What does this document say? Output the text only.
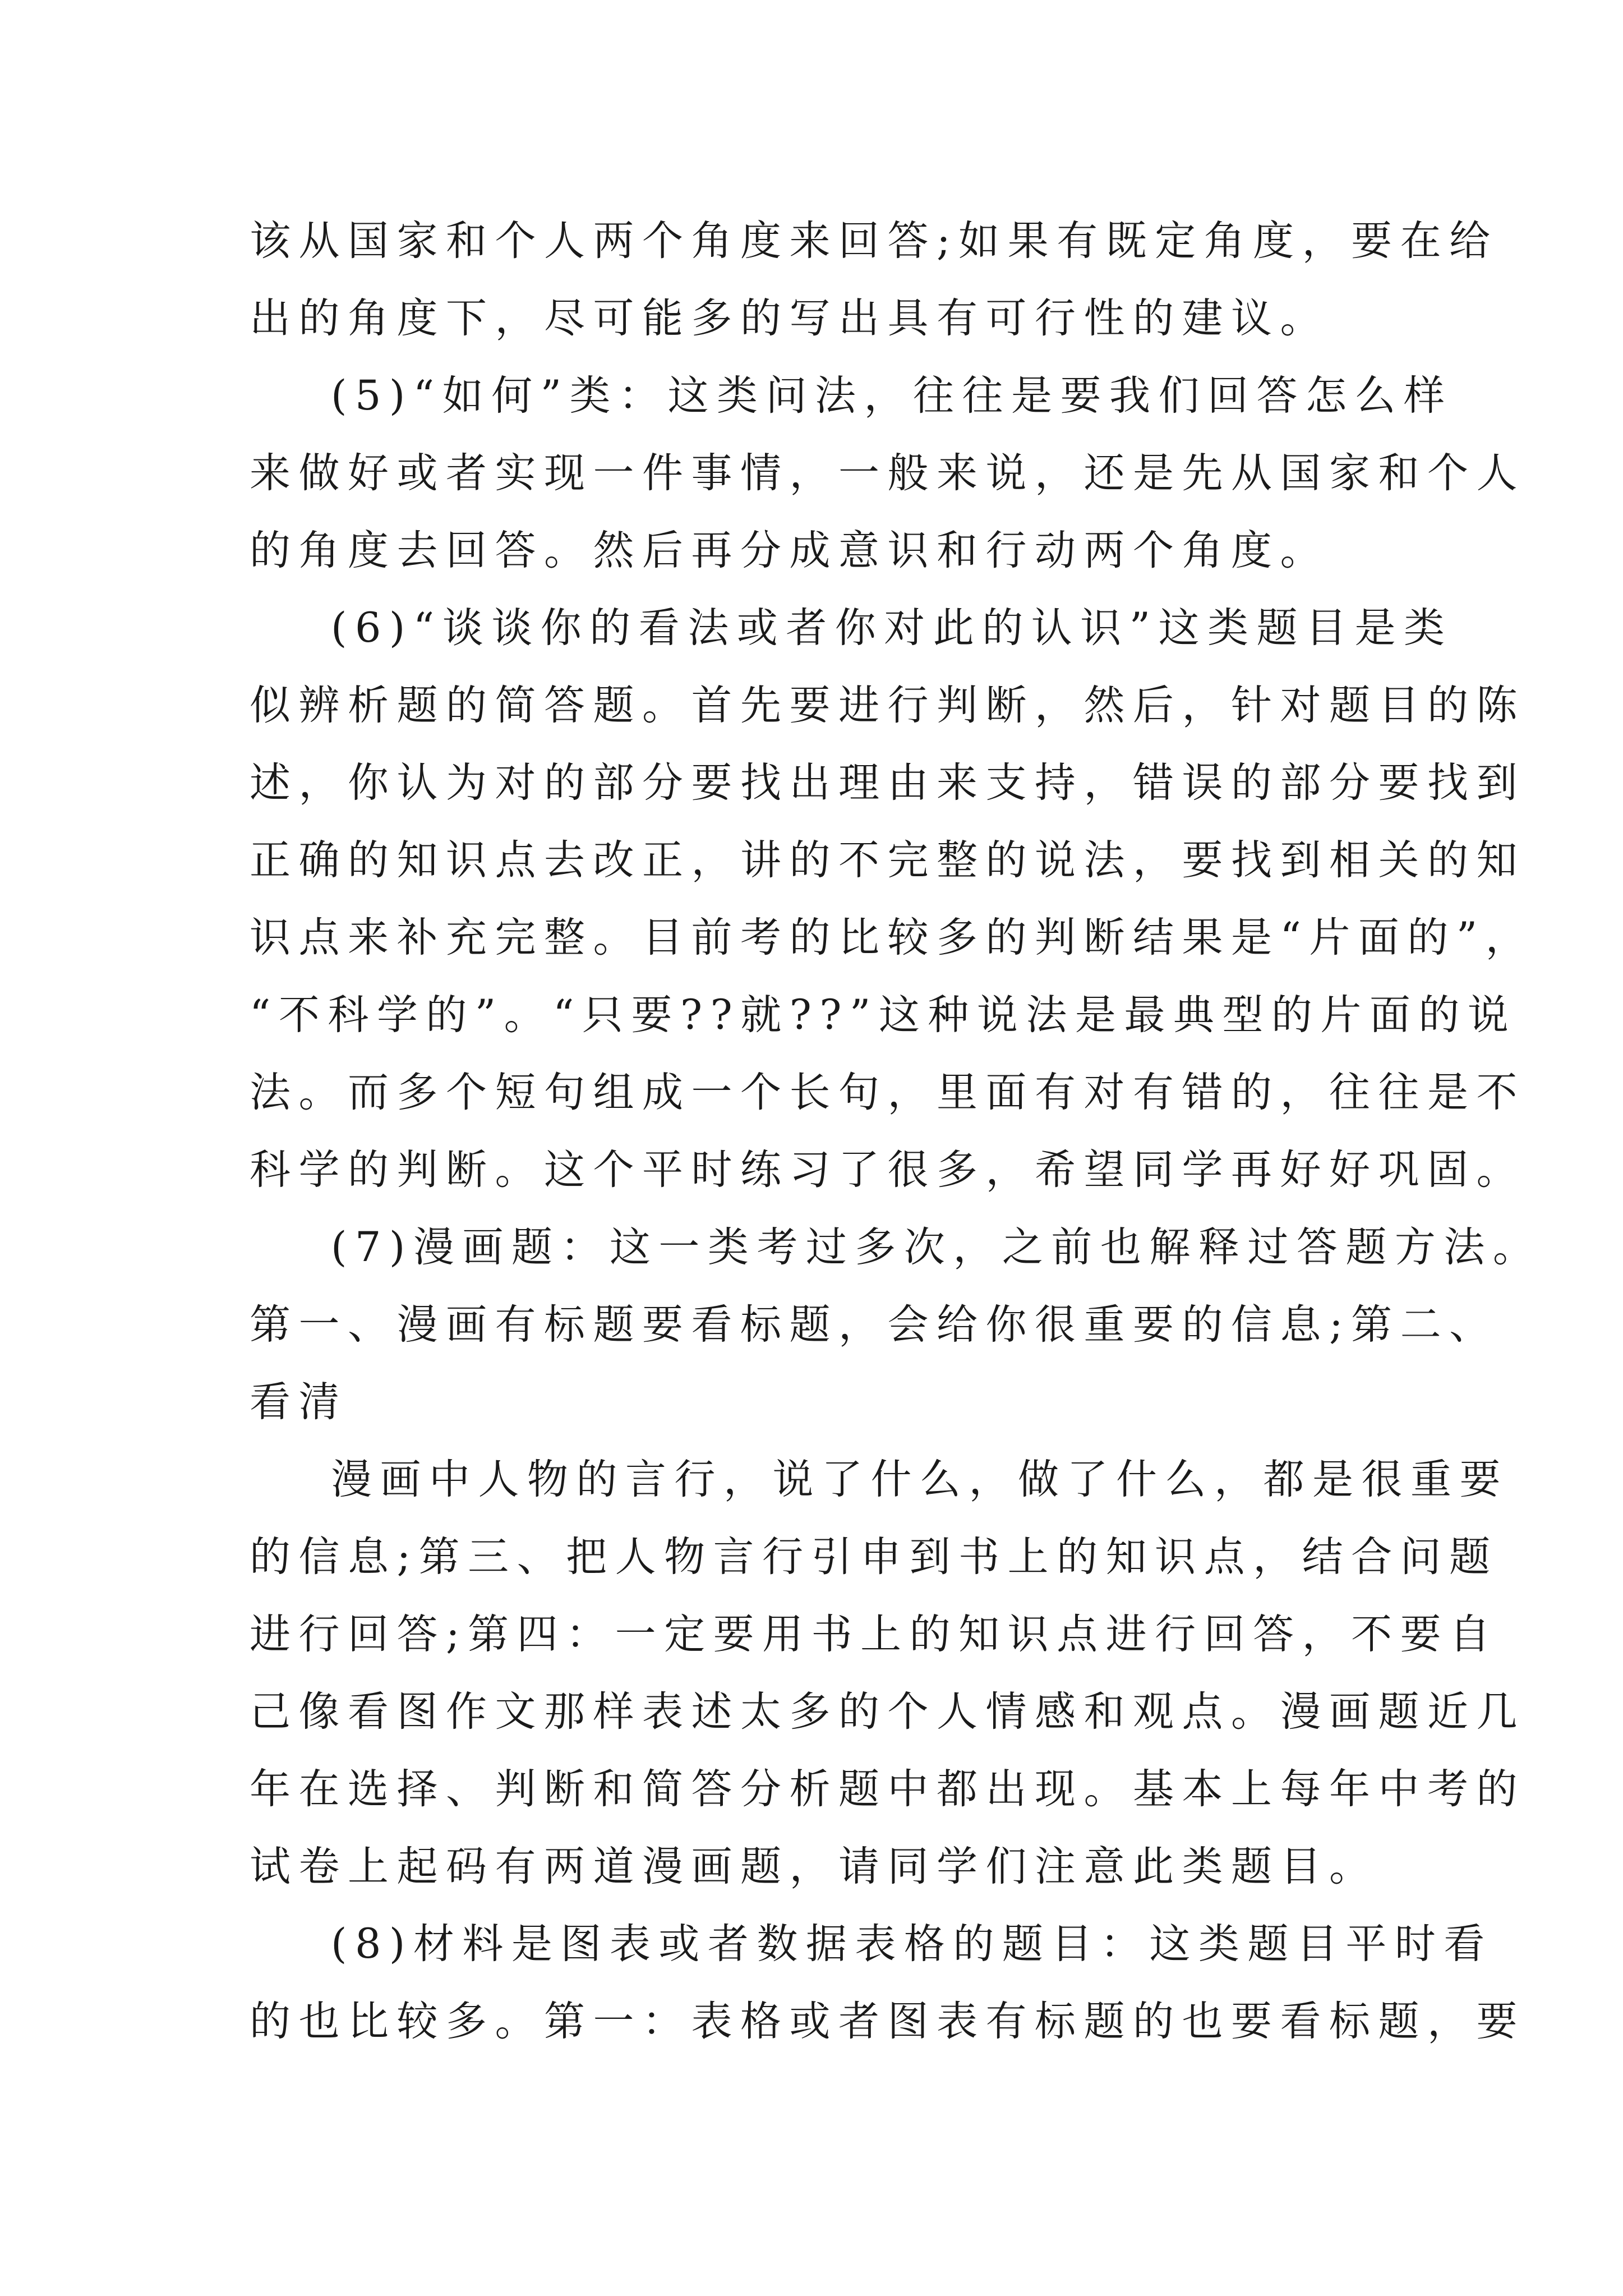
该从国家和个人两个角度来回答;如果有既定角度，要在给

出的角度下，尽可能多的写出具有可行性的建议。

(5)“如何”类：这类问法，往往是要我们回答怎么样

来做好或者实现一件事情，一般来说，还是先从国家和个人

的角度去回答。然后再分成意识和行动两个角度。

(6)“谈谈你的看法或者你对此的认识”这类题目是类

似辨析题的简答题。首先要进行判断，然后，针对题目的陈

述，你认为对的部分要找出理由来支持，错误的部分要找到

正确的知识点去改正，讲的不完整的说法，要找到相关的知

识点来补充完整。目前考的比较多的判断结果是“片面的”，

“不科学的”。“只要??就??”这种说法是最典型的片面的说

法。而多个短句组成一个长句，里面有对有错的，往往是不

科学的判断。这个平时练习了很多，希望同学再好好巩固。

(7)漫画题：这一类考过多次，之前也解释过答题方法。

第一、漫画有标题要看标题，会给你很重要的信息;第二、

看清

漫画中人物的言行，说了什么，做了什么，都是很重要

的信息;第三、把人物言行引申到书上的知识点，结合问题

进行回答;第四：一定要用书上的知识点进行回答，不要自

己像看图作文那样表述太多的个人情感和观点。漫画题近几

年在选择、判断和简答分析题中都出现。基本上每年中考的

试卷上起码有两道漫画题，请同学们注意此类题目。

(8)材料是图表或者数据表格的题目：这类题目平时看

的也比较多。第一：表格或者图表有标题的也要看标题，要
